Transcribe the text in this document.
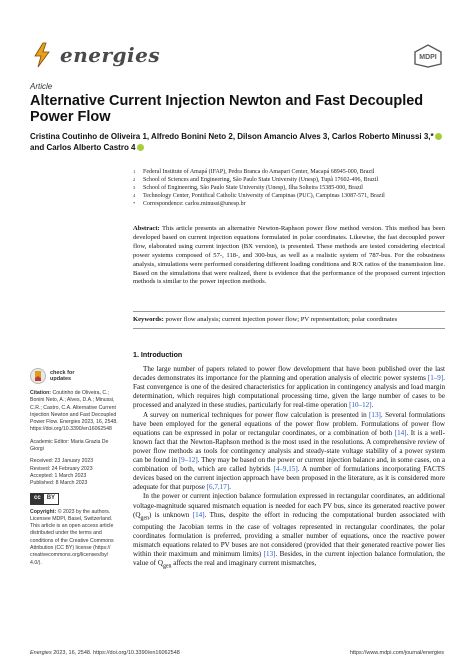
energies	MDPI
Article
Alternative Current Injection Newton and Fast Decoupled Power Flow
Cristina Coutinho de Oliveira 1, Alfredo Bonini Neto 2, Dilson Amancio Alves 3, Carlos Roberto Minussi 3,*
and Carlos Alberto Castro 4
1	Federal Institute of Amapá (IFAP), Pedra Branca do Amapari Center, Macapá 68945-000, Brazil
2	School of Sciences and Engineering, São Paulo State University (Unesp), Tupã 17602-496, Brazil
3	School of Engineering, São Paulo State University (Unesp), Ilha Solteira 15385-000, Brazil
4	Technology Center, Pontifical Catholic University of Campinas (PUC), Campinas 13087-571, Brazil
*	Correspondence: carlos.minussi@unesp.br
Abstract: This article presents an alternative Newton-Raphson power flow method version. This method has been developed based on current injection equations formulated in polar coordinates. Likewise, the fast decoupled power flow, elaborated using current injection (BX version), is presented. These methods are tested considering electrical power systems composed of 57-, 118-, and 300-bus, as well as a realistic system of 787-bus. For the robustness analysis, simulations were performed considering different loading conditions and R/X ratios of the transmission line. Based on the simulations that were realized, there is evidence that the performance of the proposed current injection methods is similar to the power injection methods.
Keywords: power flow analysis; current injection power flow; PV representation; polar coordinates
check for
updates
Citation: Coutinho de Oliveira, C.; Bonini Neto, A.; Alves, D.A.; Minussi, C.R.; Castro, C.A. Alternative Current Injection Newton and Fast Decoupled Power Flow. Energies 2023, 16, 2548. https://doi.org/10.3390/en16062548
Academic Editor: Maria Grazia De Giorgi
Received: 23 January 2023
Revised: 24 February 2023
Accepted: 1 March 2023
Published: 8 March 2023
cc	BY
Copyright: © 2023 by the authors. Licensee MDPI, Basel, Switzerland. This article is an open access article distributed under the terms and conditions of the Creative Commons Attribution (CC BY) license (https:// creativecommons.org/licenses/by/ 4.0/).
1. Introduction

The large number of papers related to power flow development that have been published over the last decades demonstrates its importance for the planning and operation analysis of electric power systems [1–9]. Fast convergence is one of the desired characteristics for application in contingency analysis and load margin determination, which requires high computational processing time, given the large number of cases to be processed and analyzed in these studies, particularly for real-time operation [10–12].

A survey on numerical techniques for power flow calculation is presented in [13]. Several formulations have been employed for the general equations of the power flow problem. Formulations of power flow equations can be expressed in polar or rectangular coordinates, or a combination of both [14]. It is a well-known fact that the Newton-Raphson method is the most used in the resolutions. A comprehensive review of power flow methods as tools for contingency analysis and steady-state voltage stability of a power system can be found in [9–12]. They may be based on the power or current injection balance and, in some cases, on a combination of both, which are called hybrids [4–9,15]. A number of formulations incorporating FACTS devices based on the current injection approach have been proposed in the literature, as it is considered more adequate for that purpose [6,7,17].

In the power or current injection balance formulation expressed in rectangular coordinates, an additional voltage-magnitude squared mismatch equation is needed for each PV bus, since its generated reactive power $(Q_{gen})$ is unknown [14]. Thus, despite the effort in reducing the computational burden associated with computing the Jacobian terms in the case of voltages represented in rectangular coordinates, the polar coordinates formulation is preferred, providing a smaller number of equations, once the reactive power mismatch equations related to PV buses are not considered (provided that their generated reactive power lies within their maximum and minimum limits) [13]. Besides, in the current injection balance formulation, the value of $Q_{gen}$ affects the real and imaginary current mismatches,

Energies 2023, 16, 2548. https://doi.org/10.3390/en16062548	https://www.mdpi.com/journal/energies
